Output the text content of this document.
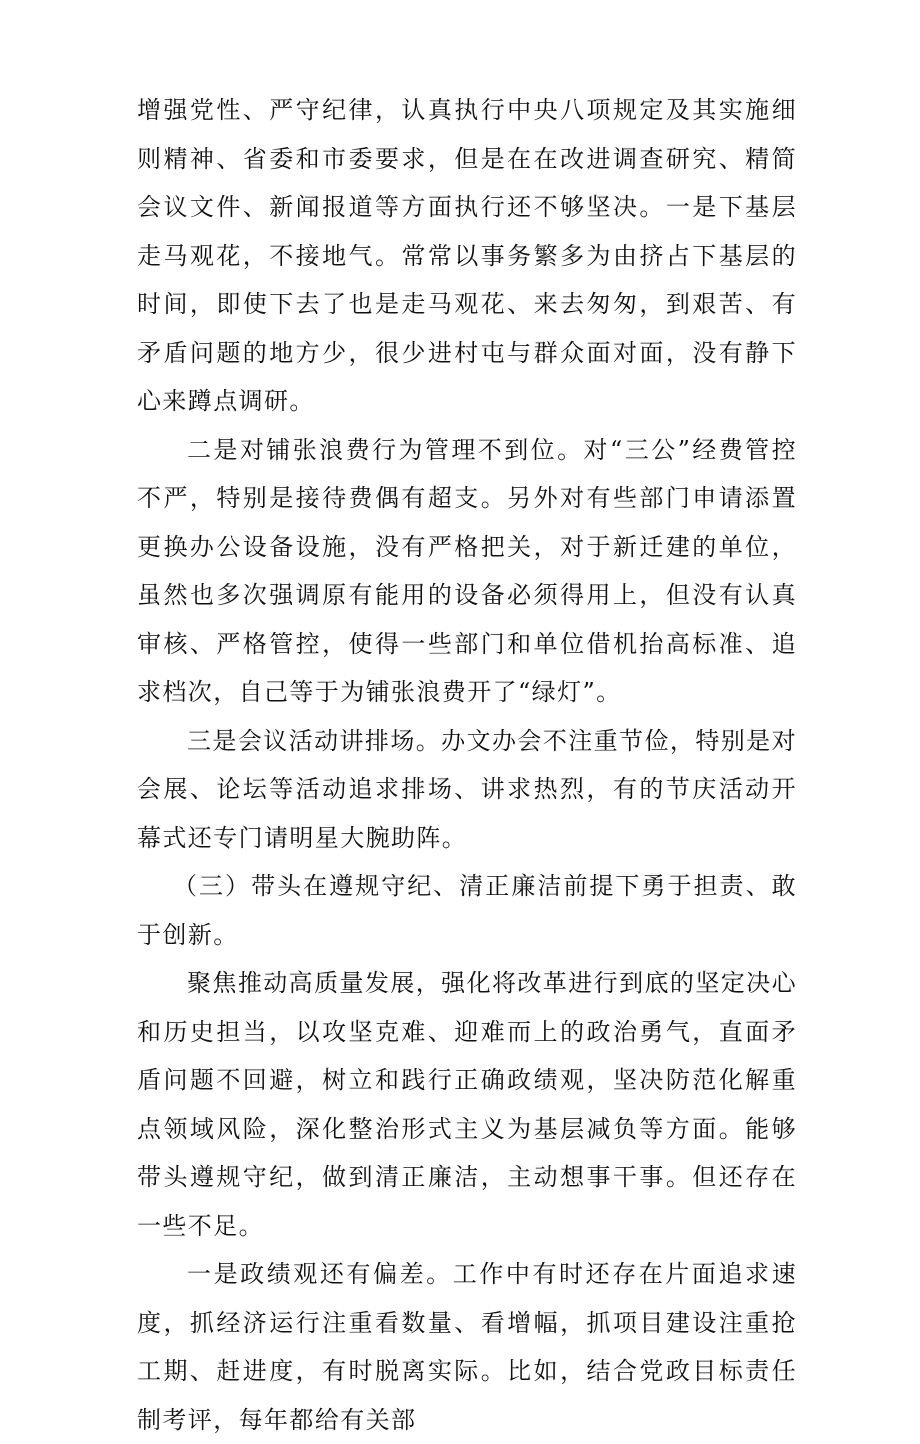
增强党性、严守纪律，认真执行中央八项规定及其实施细则精神、省委和市委要求，但是在在改进调查研究、精简会议文件、新闻报道等方面执行还不够坚决。一是下基层走马观花，不接地气。常常以事务繁多为由挤占下基层的时间，即使下去了也是走马观花、来去匆匆，到艰苦、有矛盾问题的地方少，很少进村屯与群众面对面，没有静下心来蹲点调研。

二是对铺张浪费行为管理不到位。对“三公”经费管控不严，特别是接待费偶有超支。另外对有些部门申请添置更换办公设备设施，没有严格把关，对于新迁建的单位，虽然也多次强调原有能用的设备必须得用上，但没有认真审核、严格管控，使得一些部门和单位借机抬高标准、追求档次，自己等于为铺张浪费开了“绿灯”。

三是会议活动讲排场。办文办会不注重节俭，特别是对会展、论坛等活动追求排场、讲求热烈，有的节庆活动开幕式还专门请明星大腕助阵。

（三）带头在遵规守纪、清正廉洁前提下勇于担责、敢于创新。

聚焦推动高质量发展，强化将改革进行到底的坚定决心和历史担当，以攻坚克难、迎难而上的政治勇气，直面矛盾问题不回避，树立和践行正确政绩观，坚决防范化解重点领域风险，深化整治形式主义为基层减负等方面。能够带头遵规守纪，做到清正廉洁，主动想事干事。但还存在一些不足。

一是政绩观还有偏差。工作中有时还存在片面追求速度，抓经济运行注重看数量、看增幅，抓项目建设注重抢工期、赶进度，有时脱离实际。比如，结合党政目标责任制考评，每年都给有关部
